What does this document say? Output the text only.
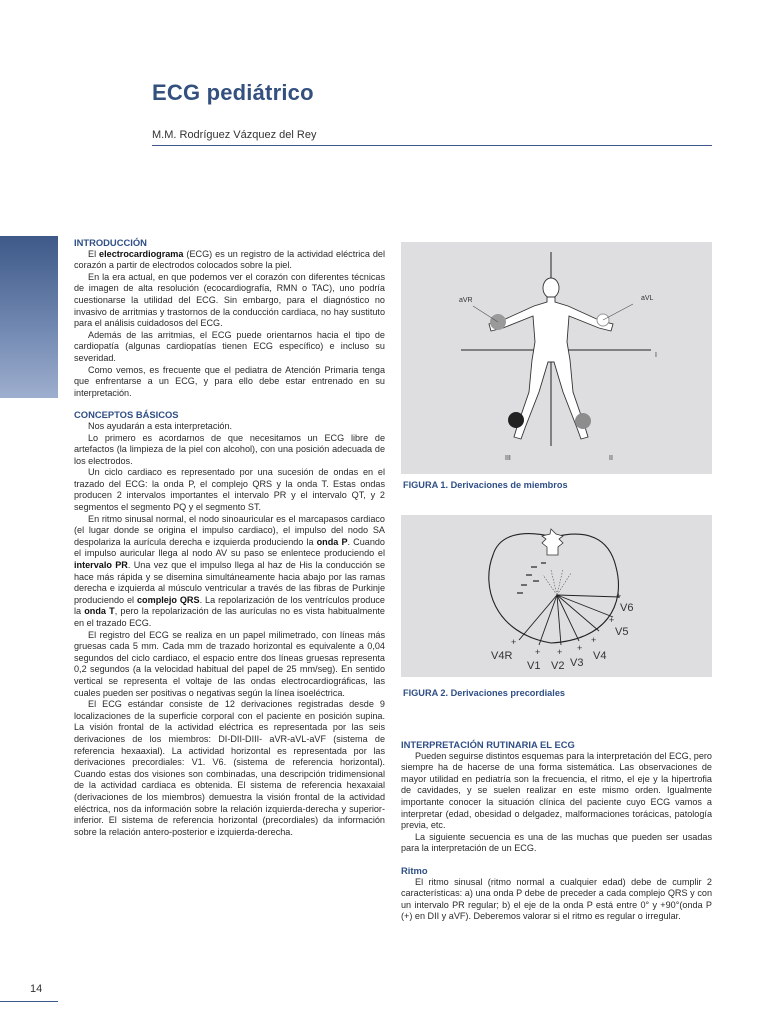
ECG pediátrico
M.M. Rodríguez Vázquez del Rey
14

INTRODUCCIÓN

El electrocardiograma (ECG) es un registro de la actividad eléctrica del corazón a partir de electrodos colocados sobre la piel.

En la era actual, en que podemos ver el corazón con diferentes técnicas de imagen de alta resolución (ecocardiografía, RMN o TAC), uno podría cuestionarse la utilidad del ECG. Sin embargo, para el diagnóstico no invasivo de arritmias y trastornos de la conducción cardiaca, no hay sustituto para el análisis cuidadosos del ECG.

Además de las arritmias, el ECG puede orientarnos hacia el tipo de cardiopatía (algunas cardiopatías tienen ECG específico) e incluso su severidad.

Como vemos, es frecuente que el pediatra de Atención Primaria tenga que enfrentarse a un ECG, y para ello debe estar entrenado en su interpretación.

CONCEPTOS BÁSICOS

Nos ayudarán a esta interpretación.

Lo primero es acordarnos de que necesitamos un ECG libre de artefactos (la limpieza de la piel con alcohol), con una posición adecuada de los electrodos.

Un ciclo cardiaco es representado por una sucesión de ondas en el trazado del ECG: la onda P, el complejo QRS y la onda T. Estas ondas producen 2 intervalos importantes el intervalo PR y el intervalo QT, y 2 segmentos el segmento PQ y el segmento ST.

En ritmo sinusal normal, el nodo sinoauricular es el marcapasos cardiaco (el lugar donde se origina el impulso cardiaco), el impulso del nodo SA despolariza la aurícula derecha e izquierda produciendo la onda P. Cuando el impulso auricular llega al nodo AV su paso se enlentece produciendo el intervalo PR. Una vez que el impulso llega al haz de His la conducción se hace más rápida y se disemina simultáneamente hacia abajo por las ramas derecha e izquierda al músculo ventricular a través de las fibras de Purkinje produciendo el complejo QRS. La repolarización de los ventrículos produce la onda T, pero la repolarización de las aurículas no es vista habitualmente en el trazado ECG.

El registro del ECG se realiza en un papel milimetrado, con líneas más gruesas cada 5 mm. Cada mm de trazado horizontal es equivalente a 0,04 segundos del ciclo cardiaco, el espacio entre dos líneas gruesas representa 0,2 segundos (a la velocidad habitual del papel de 25 mm/seg). En sentido vertical se representa el voltaje de las ondas electrocardiográficas, las cuales pueden ser positivas o negativas según la línea isoeléctrica.

El ECG estándar consiste de 12 derivaciones registradas desde 9 localizaciones de la superficie corporal con el paciente en posición supina. La visión frontal de la actividad eléctrica es representada por las seis derivaciones de los miembros: DI-DII-DIII- aVR-aVL-aVF (sistema de referencia hexaaxial). La actividad horizontal es representada por las derivaciones precordiales: V1. V6. (sistema de referencia horizontal). Cuando estas dos visiones son combinadas, una descripción tridimensional de la actividad cardiaca es obtenida. El sistema de referencia hexaxaial (derivaciones de los miembros) demuestra la visión frontal de la actividad eléctrica, nos da información sobre la relación izquierda-derecha y superior-inferior. El sistema de referencia horizontal (precordiales) da información sobre la relación antero-posterior e izquierda-derecha.

aVR	aVL
I
III	II
FIGURA 1. Derivaciones de miembros
V6
V5
V4
V3
V2
V1
V4R
+
+
+
+
+
+
+
FIGURA 2. Derivaciones precordiales

INTERPRETACIÓN RUTINARIA EL ECG

Pueden seguirse distintos esquemas para la interpretación del ECG, pero siempre ha de hacerse de una forma sistemática. Las observaciones de mayor utilidad en pediatría son la frecuencia, el ritmo, el eje y la hipertrofia de cavidades, y se suelen realizar en este mismo orden. Igualmente importante conocer la situación clínica del paciente cuyo ECG vamos a interpretar (edad, obesidad o delgadez, malformaciones torácicas, patología previa, etc.

La siguiente secuencia es una de las muchas que pueden ser usadas para la interpretación de un ECG.

Ritmo

El ritmo sinusal (ritmo normal a cualquier edad) debe de cumplir 2 características: a) una onda P debe de preceder a cada complejo QRS y con un intervalo PR regular; b) el eje de la onda P está entre 0° y +90°(onda P (+) en DII y aVF). Deberemos valorar si el ritmo es regular o irregular.
